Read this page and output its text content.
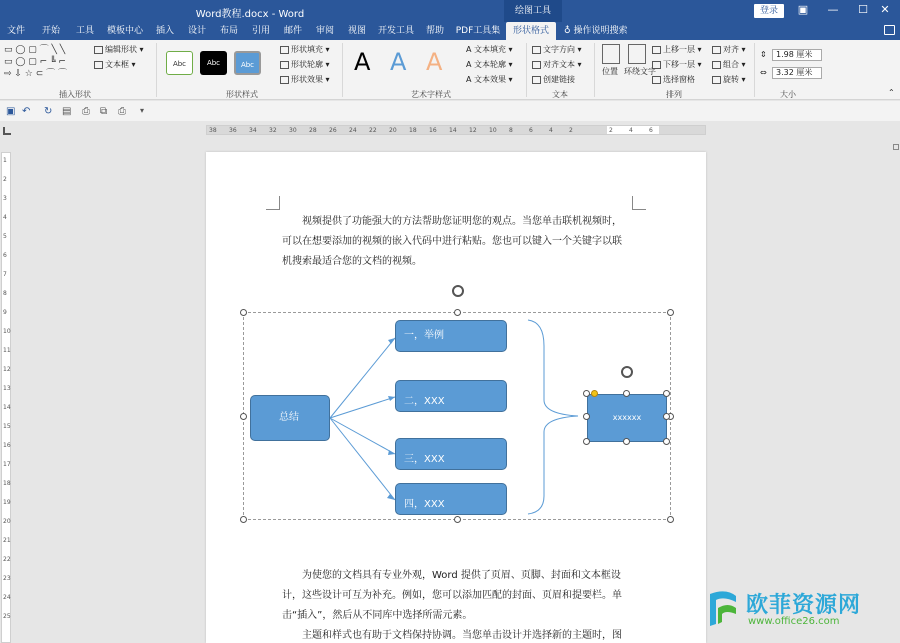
Word教程.docx - Word	绘图工具	登录	▣	—	☐	✕
文件	开始	工具	模板中心	插入	设计	布局	引用	邮件	审阅	视图	开发工具	帮助	PDF工具集	形状格式	♁ 操作说明搜索
▭ ◯ ▢ ⌒ ╲ ╲
▭ ◯ ▢ ⌐ ╚ ⌐
⇨ ⇩ ☆ ⊂ ⌒ ⌒
编辑形状 ▾
文本框 ▾
插入形状
Abc	Abc	Abc
形状填充 ▾
形状轮廓 ▾
形状效果 ▾
形状样式
A A A	A 文本填充 ▾
A 文本轮廓 ▾
A 文本效果 ▾
艺术字样式
文字方向 ▾
对齐文本 ▾
创建链接
文本
位置 环绕文字
上移一层 ▾
下移一层 ▾
选择窗格
对齐 ▾
组合 ▾
旋转 ▾
排列
⇕	1.98 厘米
⇔	3.32 厘米
大小	⌃
▣ ↶ ↻ ▤ ⎙ ⧉ ⎙ ▾
38 36 34 32 30 28 26 24 22 20 18 16 14 12 10 8	6	4	2	2	4	6
1
2
3
4
5
6
7
8
9
10
11
12
13
14
15
16
17
18
19
20
21
22
23
24
25
视频提供了功能强大的方法帮助您证明您的观点。当您单击联机视频时，可以在想要添加的视频的嵌入代码中进行粘贴。您也可以键入一个关键字以联机搜索最适合您的文档的视频。
为使您的文档具有专业外观，Word 提供了页眉、页脚、封面和文本框设计，这些设计可互为补充。例如，您可以添加匹配的封面、页眉和提要栏。单击“插入”，然后从不同库中选择所需元素。
主题和样式也有助于文档保持协调。当您单击设计并选择新的主题时，图
总结
一，举例
二，XXX
三，XXX
四，XXX
xxxxxx
欧菲资源网
www.office26.com
